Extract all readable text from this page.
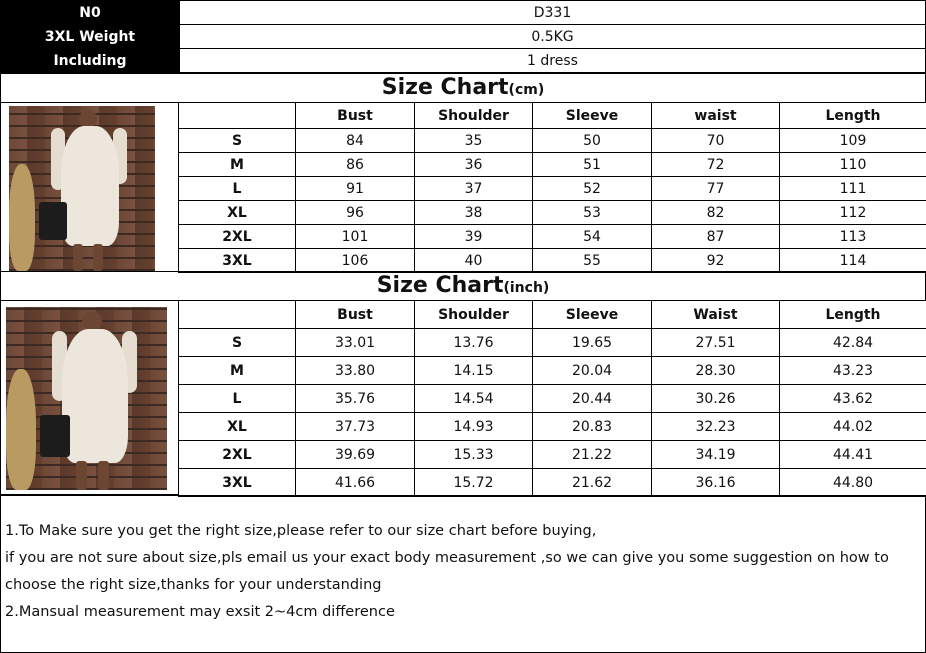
N0	D331
3XL Weight	0.5KG
Including	1 dress
Size Chart(cm)
	Bust	Shoulder	Sleeve	waist	Length
S	84	35	50	70	109
M	86	36	51	72	110
L	91	37	52	77	111
XL	96	38	53	82	112
2XL	101	39	54	87	113
3XL	106	40	55	92	114
Size Chart(inch)
	Bust	Shoulder	Sleeve	Waist	Length
S	33.01	13.76	19.65	27.51	42.84
M	33.80	14.15	20.04	28.30	43.23
L	35.76	14.54	20.44	30.26	43.62
XL	37.73	14.93	20.83	32.23	44.02
2XL	39.69	15.33	21.22	34.19	44.41
3XL	41.66	15.72	21.62	36.16	44.80

1.To Make sure you get the right size,please refer to our size chart before buying,

if you are not sure about size,pls email us your exact body measurement ,so we can give you some suggestion on how to

choose the right size,thanks for your understanding

2.Mansual measurement may exsit 2~4cm difference
